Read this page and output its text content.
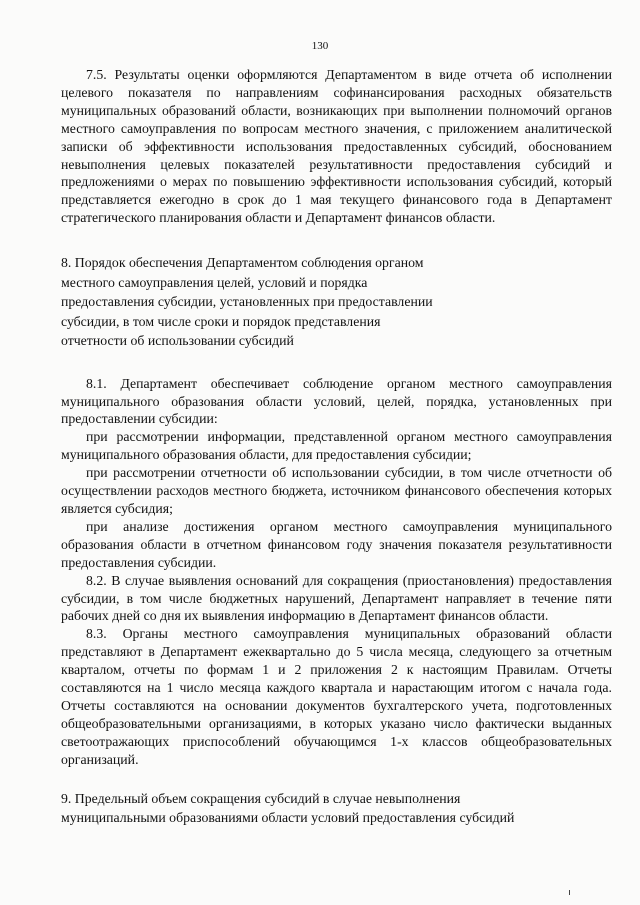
130

7.5. Результаты оценки оформляются Департаментом в виде отчета об исполнении целевого показателя по направлениям софинансирования расходных обязательств муниципальных образований области, возникающих при выполнении полномочий органов местного самоуправления по вопросам местного значения, с приложением аналитической записки об эффективности использования предоставленных субсидий, обоснованием невыполнения целевых показателей результативности предоставления субсидий и предложениями о мерах по повышению эффективности использования субсидий, который представляется ежегодно в срок до 1 мая текущего финансового года в Департамент стратегического планирования области и Департамент финансов области.

8. Порядок обеспечения Департаментом соблюдения органом
местного самоуправления целей, условий и порядка
предоставления субсидии, установленных при предоставлении
субсидии, в том числе сроки и порядок представления
отчетности об использовании субсидий

8.1. Департамент обеспечивает соблюдение органом местного самоуправления муниципального образования области условий, целей, порядка, установленных при предоставлении субсидии:

при рассмотрении информации, представленной органом местного самоуправления муниципального образования области, для предоставления субсидии;

при рассмотрении отчетности об использовании субсидии, в том числе отчетности об осуществлении расходов местного бюджета, источником финансового обеспечения которых является субсидия;

при анализе достижения органом местного самоуправления муниципального образования области в отчетном финансовом году значения показателя результативности предоставления субсидии.

8.2. В случае выявления оснований для сокращения (приостановления) предоставления субсидии, в том числе бюджетных нарушений, Департамент направляет в течение пяти рабочих дней со дня их выявления информацию в Департамент финансов области.

8.3. Органы местного самоуправления муниципальных образований области представляют в Департамент ежеквартально до 5 числа месяца, следующего за отчетным кварталом, отчеты по формам 1 и 2 приложения 2 к настоящим Правилам. Отчеты составляются на 1 число месяца каждого квартала и нарастающим итогом с начала года. Отчеты составляются на основании документов бухгалтерского учета, подготовленных общеобразовательными организациями, в которых указано число фактически выданных светоотражающих приспособлений обучающимся 1-х классов общеобразовательных организаций.

9. Предельный объем сокращения субсидий в случае невыполнения
муниципальными образованиями области условий предоставления субсидий
